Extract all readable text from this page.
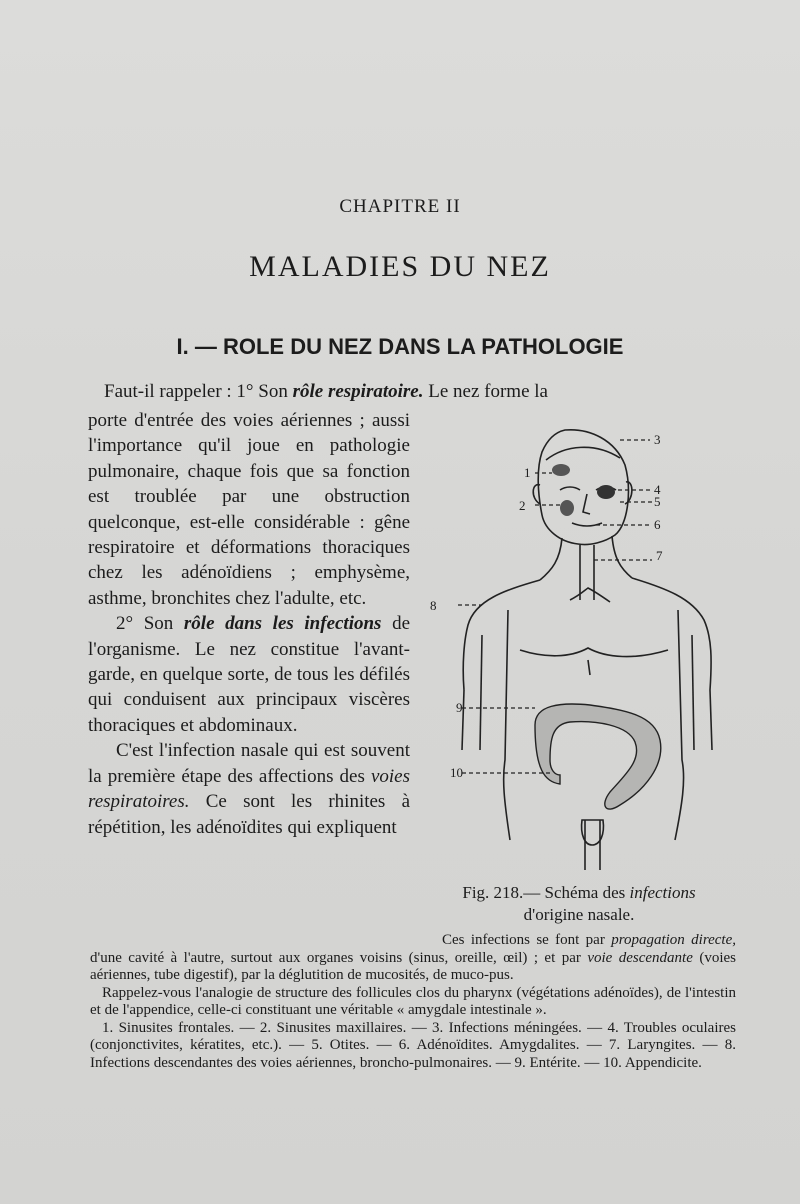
CHAPITRE II
MALADIES DU NEZ
I. — ROLE DU NEZ DANS LA PATHOLOGIE
Faut-il rappeler : 1° Son rôle respiratoire. Le nez forme la

porte d'entrée des voies aériennes ; aussi l'importance qu'il joue en pathologie pulmonaire, chaque fois que sa fonction est troublée par une obstruction quelconque, est-elle considérable : gêne respiratoire et déformations thoraciques chez les adénoïdiens ; emphysème, asthme, bronchites chez l'adulte, etc.

2° Son rôle dans les infections de l'organisme. Le nez constitue l'avant-garde, en quelque sorte, de tous les défilés qui conduisent aux principaux viscères thoraciques et abdominaux.

C'est l'infection nasale qui est souvent la première étape des affections des voies respiratoires. Ce sont les rhinites à répétition, les adénoïdites qui expliquent

1
2
3
4
5
6
7
8
9
10
Fig. 218.— Schéma des infections
d'origine nasale.

Ces infections se font par propagation directe, d'une cavité à l'autre, surtout aux organes voisins (sinus, oreille, œil) ; et par voie descendante (voies aériennes, tube digestif), par la déglutition de mucosités, de muco-pus.

Rappelez-vous l'analogie de structure des follicules clos du pharynx (végétations adénoïdes), de l'intestin et de l'appendice, celle-ci constituant une véritable « amygdale intestinale ».

1. Sinusites frontales. — 2. Sinusites maxillaires. — 3. Infections méningées. — 4. Troubles oculaires (conjonctivites, kératites, etc.). — 5. Otites. — 6. Adénoïdites. Amygdalites. — 7. Laryngites. — 8. Infections descendantes des voies aériennes, broncho-pulmonaires. — 9. Entérite. — 10. Appendicite.
